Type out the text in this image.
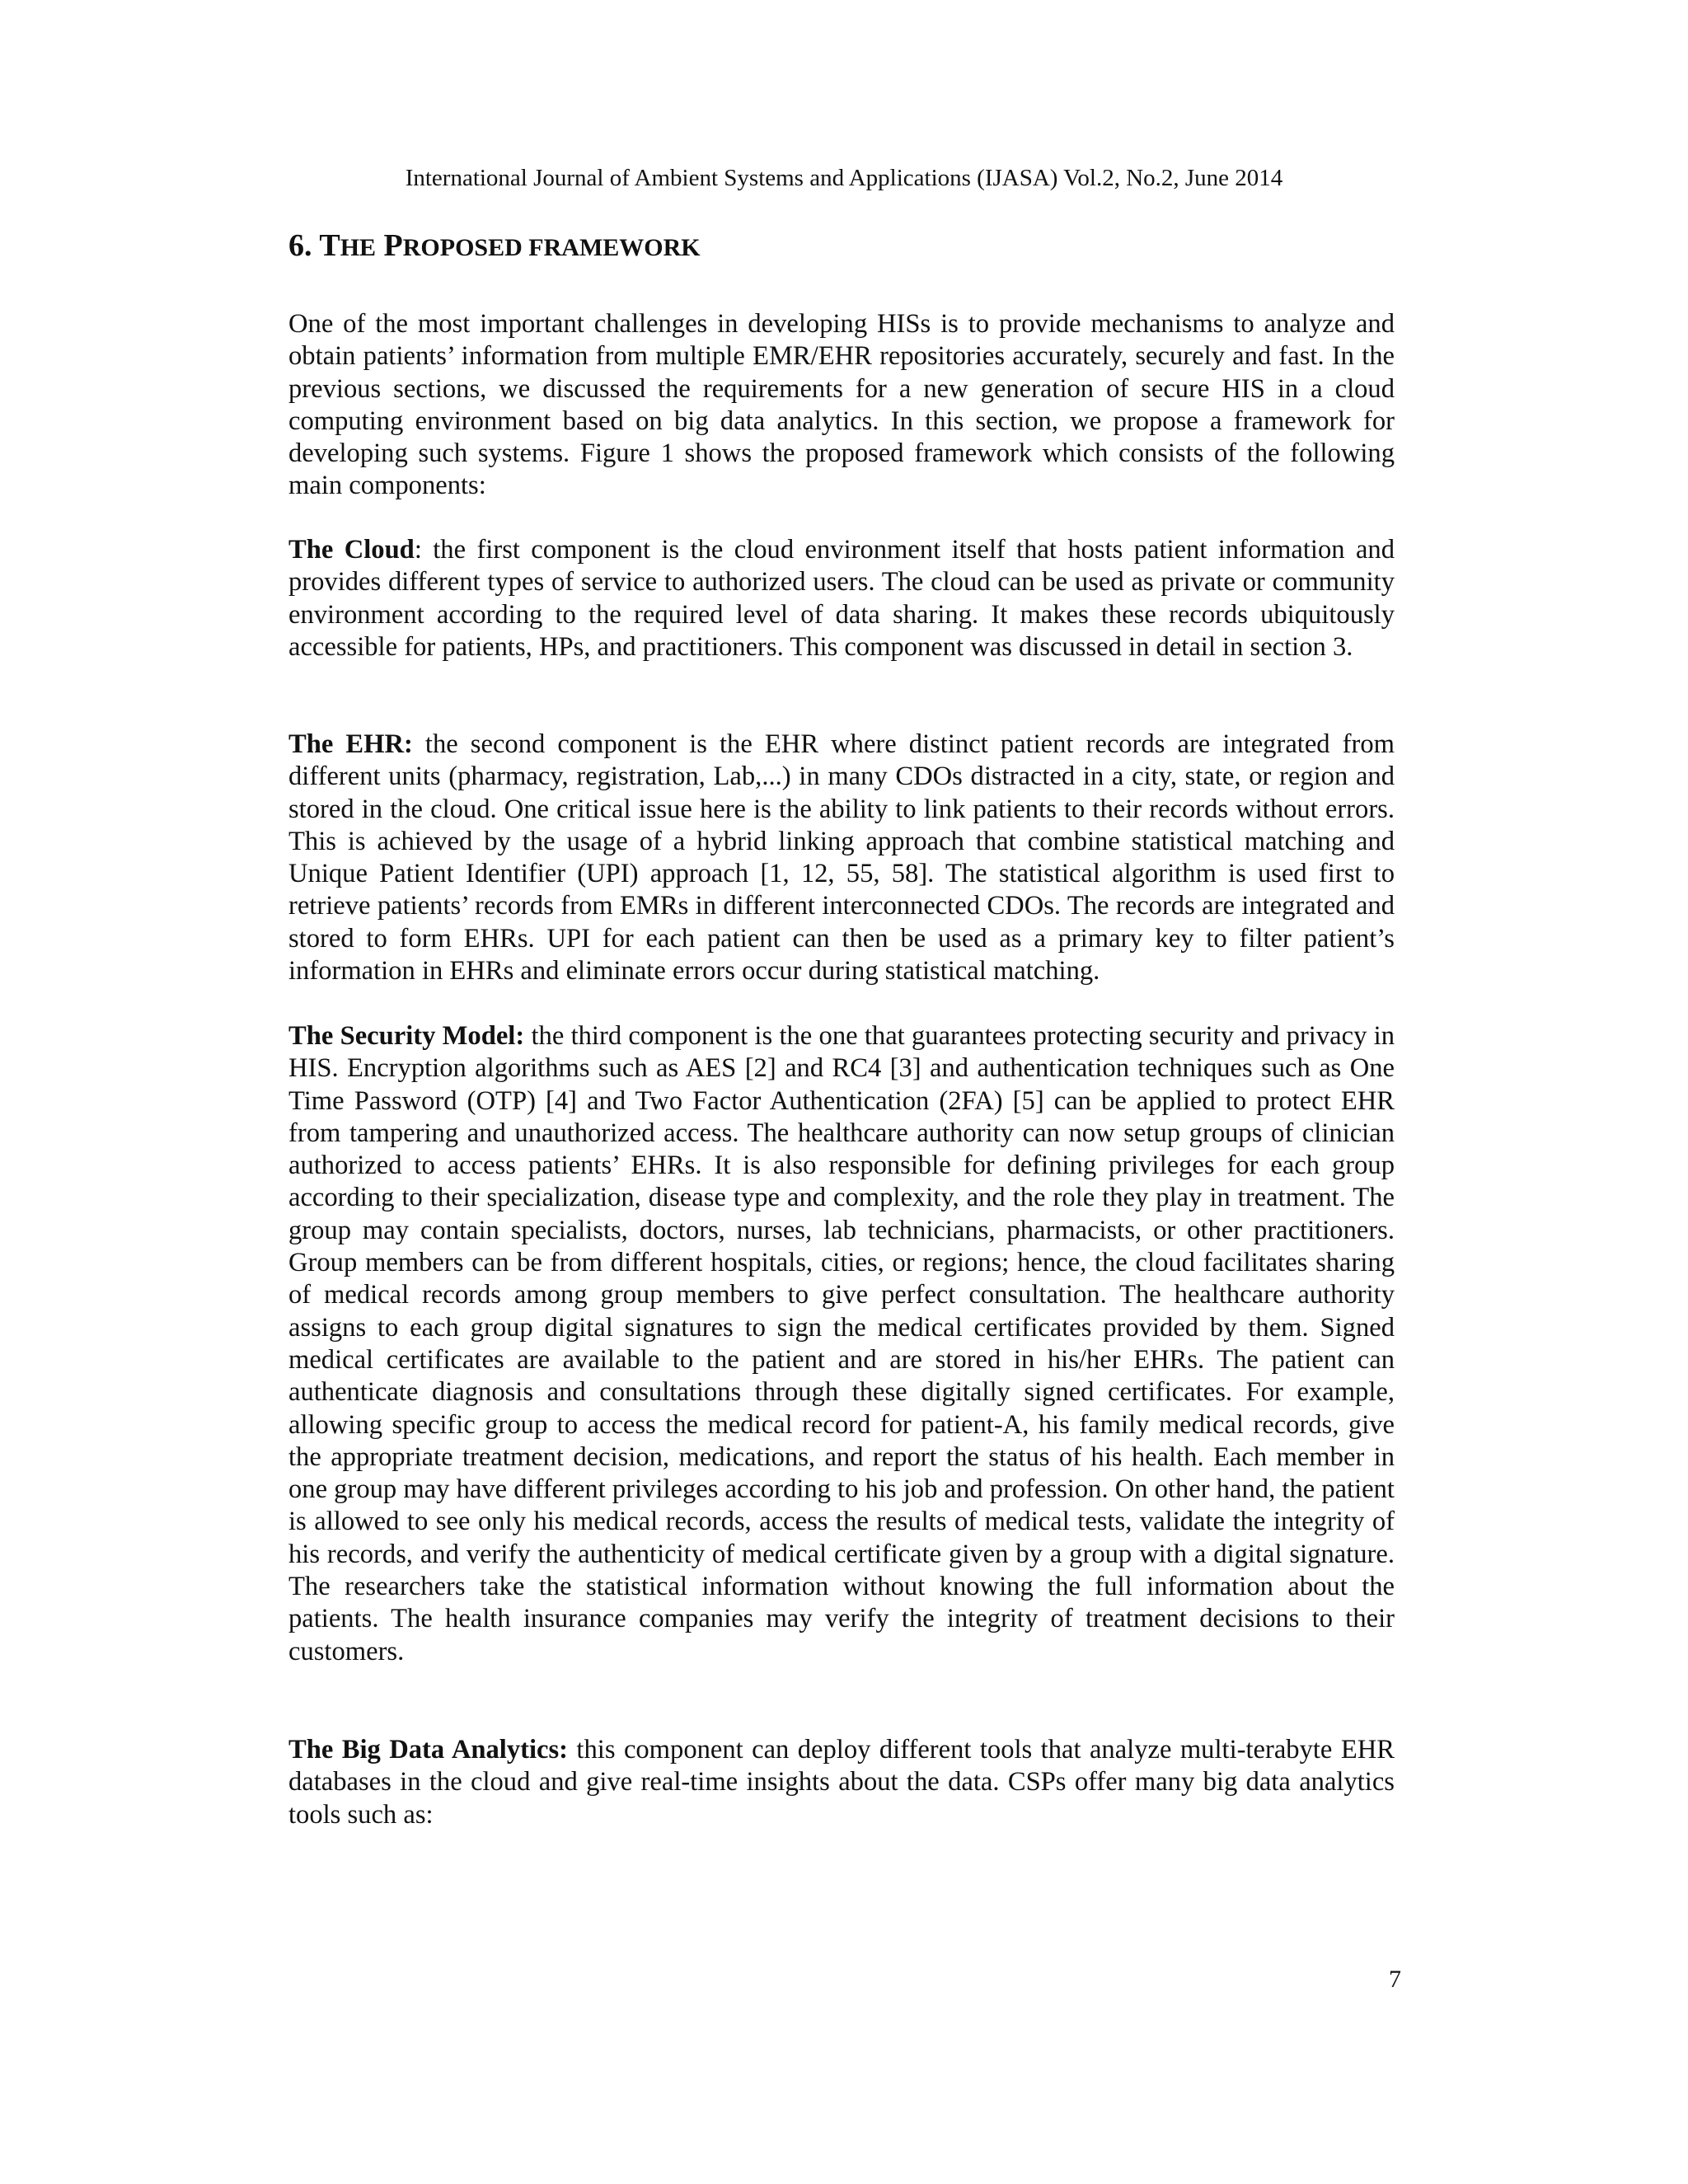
International Journal of Ambient Systems and Applications (IJASA) Vol.2, No.2, June 2014
6. THE PROPOSED FRAMEWORK

One of the most important challenges in developing HISs is to provide mechanisms to analyze and obtain patients’ information from multiple EMR/EHR repositories accurately, securely and fast. In the previous sections, we discussed the requirements for a new generation of secure HIS in a cloud computing environment based on big data analytics. In this section, we propose a framework for developing such systems. Figure 1 shows the proposed framework which consists of the following main components:

The Cloud: the first component is the cloud environment itself that hosts patient information and provides different types of service to authorized users. The cloud can be used as private or community environment according to the required level of data sharing. It makes these records ubiquitously accessible for patients, HPs, and practitioners. This component was discussed in detail in section 3.

The EHR: the second component is the EHR where distinct patient records are integrated from different units (pharmacy, registration, Lab,...) in many CDOs distracted in a city, state, or region and stored in the cloud. One critical issue here is the ability to link patients to their records without errors. This is achieved by the usage of a hybrid linking approach that combine statistical matching and Unique Patient Identifier (UPI) approach [1, 12, 55, 58]. The statistical algorithm is used first to retrieve patients’ records from EMRs in different interconnected CDOs. The records are integrated and stored to form EHRs. UPI for each patient can then be used as a primary key to filter patient’s information in EHRs and eliminate errors occur during statistical matching.

The Security Model: the third component is the one that guarantees protecting security and privacy in HIS. Encryption algorithms such as AES [2] and RC4 [3] and authentication techniques such as One Time Password (OTP) [4] and Two Factor Authentication (2FA) [5] can be applied to protect EHR from tampering and unauthorized access. The healthcare authority can now setup groups of clinician authorized to access patients’ EHRs. It is also responsible for defining privileges for each group according to their specialization, disease type and complexity, and the role they play in treatment. The group may contain specialists, doctors, nurses, lab technicians, pharmacists, or other practitioners. Group members can be from different hospitals, cities, or regions; hence, the cloud facilitates sharing of medical records among group members to give perfect consultation. The healthcare authority assigns to each group digital signatures to sign the medical certificates provided by them. Signed medical certificates are available to the patient and are stored in his/her EHRs. The patient can authenticate diagnosis and consultations through these digitally signed certificates. For example, allowing specific group to access the medical record for patient-A, his family medical records, give the appropriate treatment decision, medications, and report the status of his health. Each member in one group may have different privileges according to his job and profession. On other hand, the patient is allowed to see only his medical records, access the results of medical tests, validate the integrity of his records, and verify the authenticity of medical certificate given by a group with a digital signature. The researchers take the statistical information without knowing the full information about the patients. The health insurance companies may verify the integrity of treatment decisions to their customers.

The Big Data Analytics: this component can deploy different tools that analyze multi-terabyte EHR databases in the cloud and give real-time insights about the data. CSPs offer many big data analytics tools such as:

7
